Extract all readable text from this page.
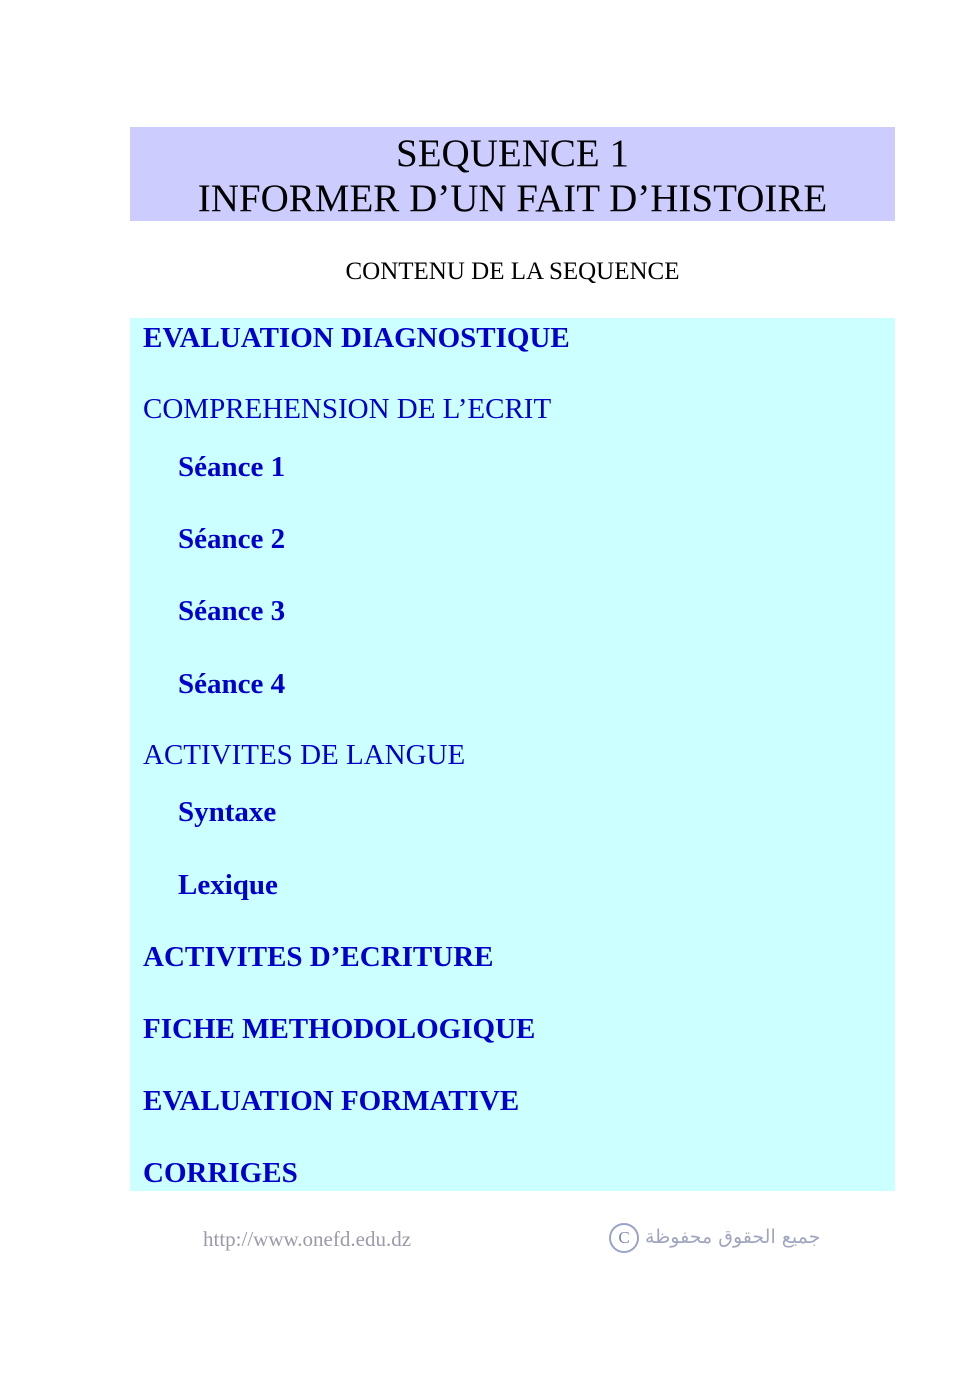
SEQUENCE 1
INFORMER D’UN FAIT D’HISTOIRE
CONTENU DE LA SEQUENCE
EVALUATION DIAGNOSTIQUE
COMPREHENSION DE L’ECRIT
Séance 1
Séance 2
Séance 3
Séance 4
ACTIVITES DE LANGUE
Syntaxe
Lexique
ACTIVITES D’ECRITURE
FICHE METHODOLOGIQUE
EVALUATION FORMATIVE
CORRIGES
http://www.onefd.edu.dz	C جميع الحقوق محفوظة
